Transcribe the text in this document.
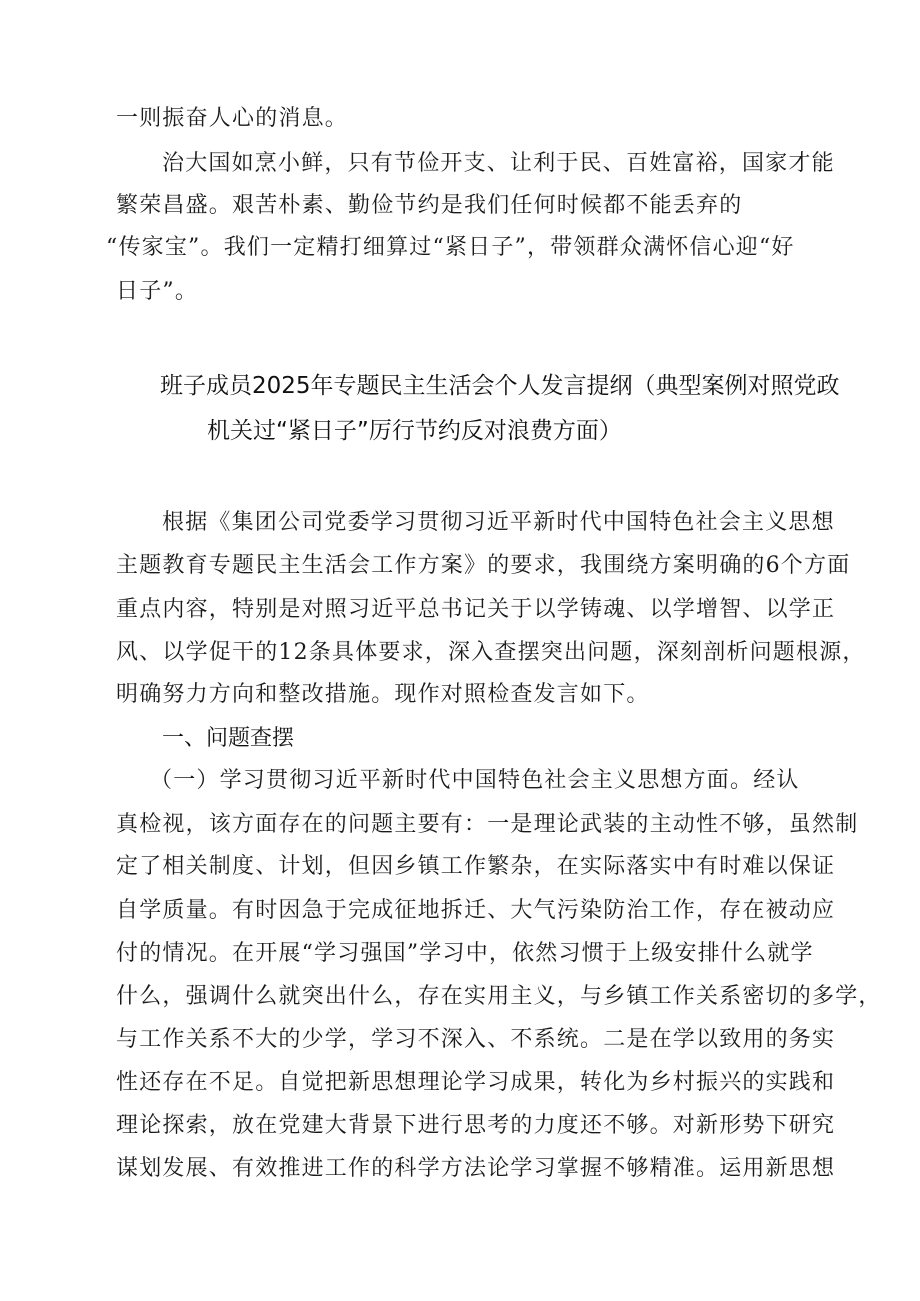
一则振奋人心的消息。
治大国如烹小鲜，只有节俭开支、让利于民、百姓富裕，国家才能
繁荣昌盛。艰苦朴素、勤俭节约是我们任何时候都不能丢弃的
“传家宝”。我们一定精打细算过“紧日子”，带领群众满怀信心迎“好
日子”。
班子成员2025年专题民主生活会个人发言提纲（典型案例对照党政
机关过“紧日子”厉行节约反对浪费方面）
根据《集团公司党委学习贯彻习近平新时代中国特色社会主义思想
主题教育专题民主生活会工作方案》的要求，我围绕方案明确的6个方面
重点内容，特别是对照习近平总书记关于以学铸魂、以学增智、以学正
风、以学促干的12条具体要求，深入查摆突出问题，深刻剖析问题根源，
明确努力方向和整改措施。现作对照检查发言如下。
一、问题查摆
（一）学习贯彻习近平新时代中国特色社会主义思想方面。经认
真检视，该方面存在的问题主要有：一是理论武装的主动性不够，虽然制
定了相关制度、计划，但因乡镇工作繁杂，在实际落实中有时难以保证
自学质量。有时因急于完成征地拆迁、大气污染防治工作，存在被动应
付的情况。在开展“学习强国”学习中，依然习惯于上级安排什么就学
什么，强调什么就突出什么，存在实用主义，与乡镇工作关系密切的多学，
与工作关系不大的少学，学习不深入、不系统。二是在学以致用的务实
性还存在不足。自觉把新思想理论学习成果，转化为乡村振兴的实践和
理论探索，放在党建大背景下进行思考的力度还不够。对新形势下研究
谋划发展、有效推进工作的科学方法论学习掌握不够精准。运用新思想
